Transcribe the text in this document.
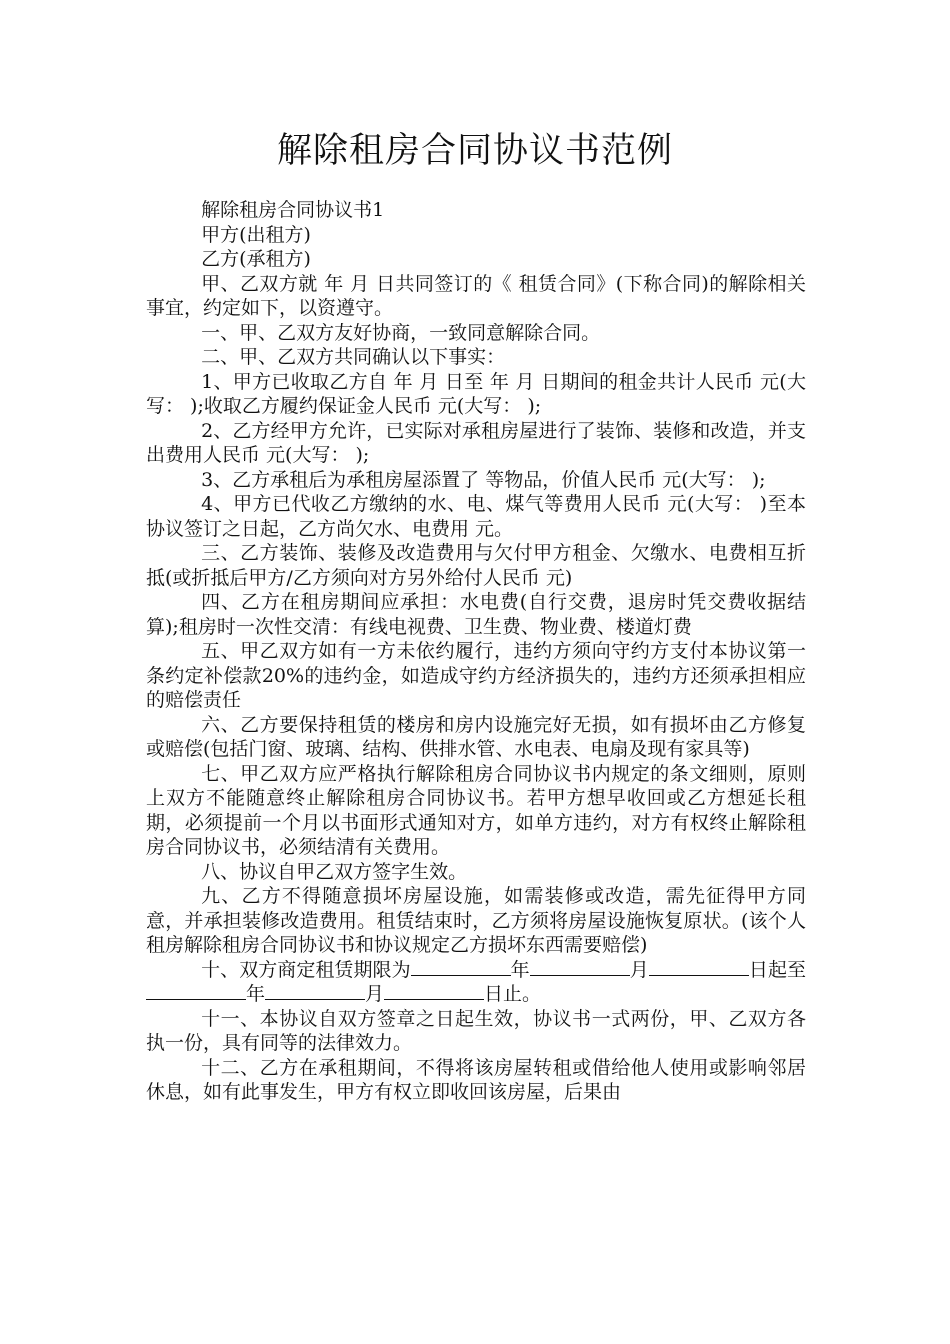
解除租房合同协议书范例

解除租房合同协议书1

甲方(出租方)

乙方(承租方)

甲、乙双方就 年 月 日共同签订的《 租赁合同》(下称合同)的解除相关事宜，约定如下，以资遵守。

一、甲、乙双方友好协商，一致同意解除合同。

二、甲、乙双方共同确认以下事实：

1、甲方已收取乙方自 年 月 日至 年 月 日期间的租金共计人民币 元(大写： );收取乙方履约保证金人民币 元(大写： );

2、乙方经甲方允许，已实际对承租房屋进行了装饰、装修和改造，并支出费用人民币 元(大写： );

3、乙方承租后为承租房屋添置了 等物品，价值人民币 元(大写： );

4、甲方已代收乙方缴纳的水、电、煤气等费用人民币 元(大写： )至本协议签订之日起，乙方尚欠水、电费用 元。

三、乙方装饰、装修及改造费用与欠付甲方租金、欠缴水、电费相互折抵(或折抵后甲方/乙方须向对方另外给付人民币 元)

四、乙方在租房期间应承担：水电费(自行交费，退房时凭交费收据结算);租房时一次性交清：有线电视费、卫生费、物业费、楼道灯费

五、甲乙双方如有一方未依约履行，违约方须向守约方支付本协议第一条约定补偿款20%的违约金，如造成守约方经济损失的，违约方还须承担相应的赔偿责任

六、乙方要保持租赁的楼房和房内设施完好无损，如有损坏由乙方修复或赔偿(包括门窗、玻璃、结构、供排水管、水电表、电扇及现有家具等)

七、甲乙双方应严格执行解除租房合同协议书内规定的条文细则，原则上双方不能随意终止解除租房合同协议书。若甲方想早收回或乙方想延长租期，必须提前一个月以书面形式通知对方，如单方违约，对方有权终止解除租房合同协议书，必须结清有关费用。

八、协议自甲乙双方签字生效。

九、乙方不得随意损坏房屋设施，如需装修或改造，需先征得甲方同意，并承担装修改造费用。租赁结束时，乙方须将房屋设施恢复原状。(该个人租房解除租房合同协议书和协议规定乙方损坏东西需要赔偿)

十、双方商定租赁期限为	年	月	日起至年	月	日止。

十一、本协议自双方签章之日起生效，协议书一式两份，甲、乙双方各执一份，具有同等的法律效力。

十二、乙方在承租期间，不得将该房屋转租或借给他人使用或影响邻居休息，如有此事发生，甲方有权立即收回该房屋，后果由
